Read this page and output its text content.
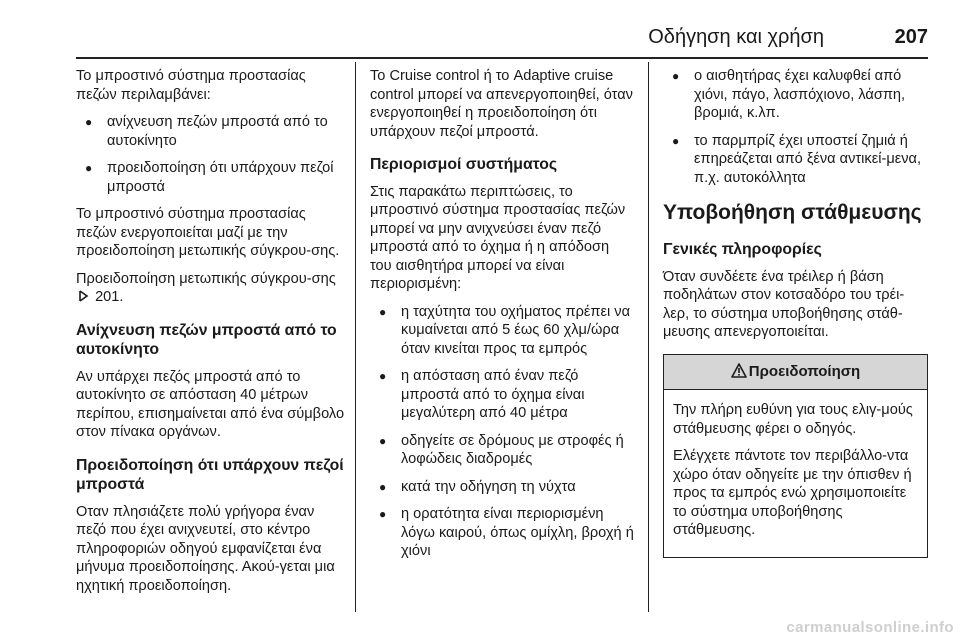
Οδήγηση και χρήση	207

Το μπροστινό σύστημα προστασίας πεζών περιλαμβάνει:

● ανίχνευση πεζών μπροστά από το αυτοκίνητο
● προειδοποίηση ότι υπάρχουν πεζοί μπροστά

Το μπροστινό σύστημα προστασίας πεζών ενεργοποιείται μαζί με την προειδοποίηση μετωπικής σύγκρου-σης.

Προειδοποίηση μετωπικής σύγκρου-σης  201.

Ανίχνευση πεζών μπροστά από το αυτοκίνητο

Αν υπάρχει πεζός μπροστά από το αυτοκίνητο σε απόσταση 40 μέτρων περίπου, επισημαίνεται από ένα σύμβολο στον πίνακα οργάνων.

Προειδοποίηση ότι υπάρχουν πεζοί μπροστά

Οταν πλησιάζετε πολύ γρήγορα έναν πεζό που έχει ανιχνευτεί, στο κέντρο πληροφοριών οδηγού εμφανίζεται ένα μήνυμα προειδοποίησης. Ακού-γεται μια ηχητική προειδοποίηση.

Το Cruise control ή το Adaptive cruise control μπορεί να απενεργοποιηθεί, όταν ενεργοποιηθεί η προειδοποίηση ότι υπάρχουν πεζοί μπροστά.

Περιορισμοί συστήματος

Στις παρακάτω περιπτώσεις, το μπροστινό σύστημα προστασίας πεζών μπορεί να μην ανιχνεύσει έναν πεζό μπροστά από το όχημα ή η απόδοση του αισθητήρα μπορεί να είναι περιορισμένη:

● η ταχύτητα του οχήματος πρέπει να κυμαίνεται από 5 έως 60 χλμ/ώρα όταν κινείται προς τα εμπρός
● η απόσταση από έναν πεζό μπροστά από το όχημα είναι μεγαλύτερη από 40 μέτρα
● οδηγείτε σε δρόμους με στροφές ή λοφώδεις διαδρομές
● κατά την οδήγηση τη νύχτα
● η ορατότητα είναι περιορισμένη λόγω καιρού, όπως ομίχλη, βροχή ή χιόνι
● ο αισθητήρας έχει καλυφθεί από χιόνι, πάγο, λασπόχιονο, λάσπη, βρομιά, κ.λπ.
● το παρμπρίζ έχει υποστεί ζημιά ή επηρεάζεται από ξένα αντικεί-μενα, π.χ. αυτοκόλλητα
Υποβοήθηση στάθμευσης
Γενικές πληροφορίες

Όταν συνδέετε ένα τρέιλερ ή βάση ποδηλάτων στον κοτσαδόρο του τρέι-λερ, το σύστημα υποβοήθησης στάθ-μευσης απενεργοποιείται.

Προειδοποίηση

Την πλήρη ευθύνη για τους ελιγ-μούς στάθμευσης φέρει ο οδηγός.

Ελέγχετε πάντοτε τον περιβάλλο-ντα χώρο όταν οδηγείτε με την όπισθεν ή προς τα εμπρός ενώ χρησιμοποιείτε το σύστημα υποβοήθησης στάθμευσης.

carmanualsonline.info
